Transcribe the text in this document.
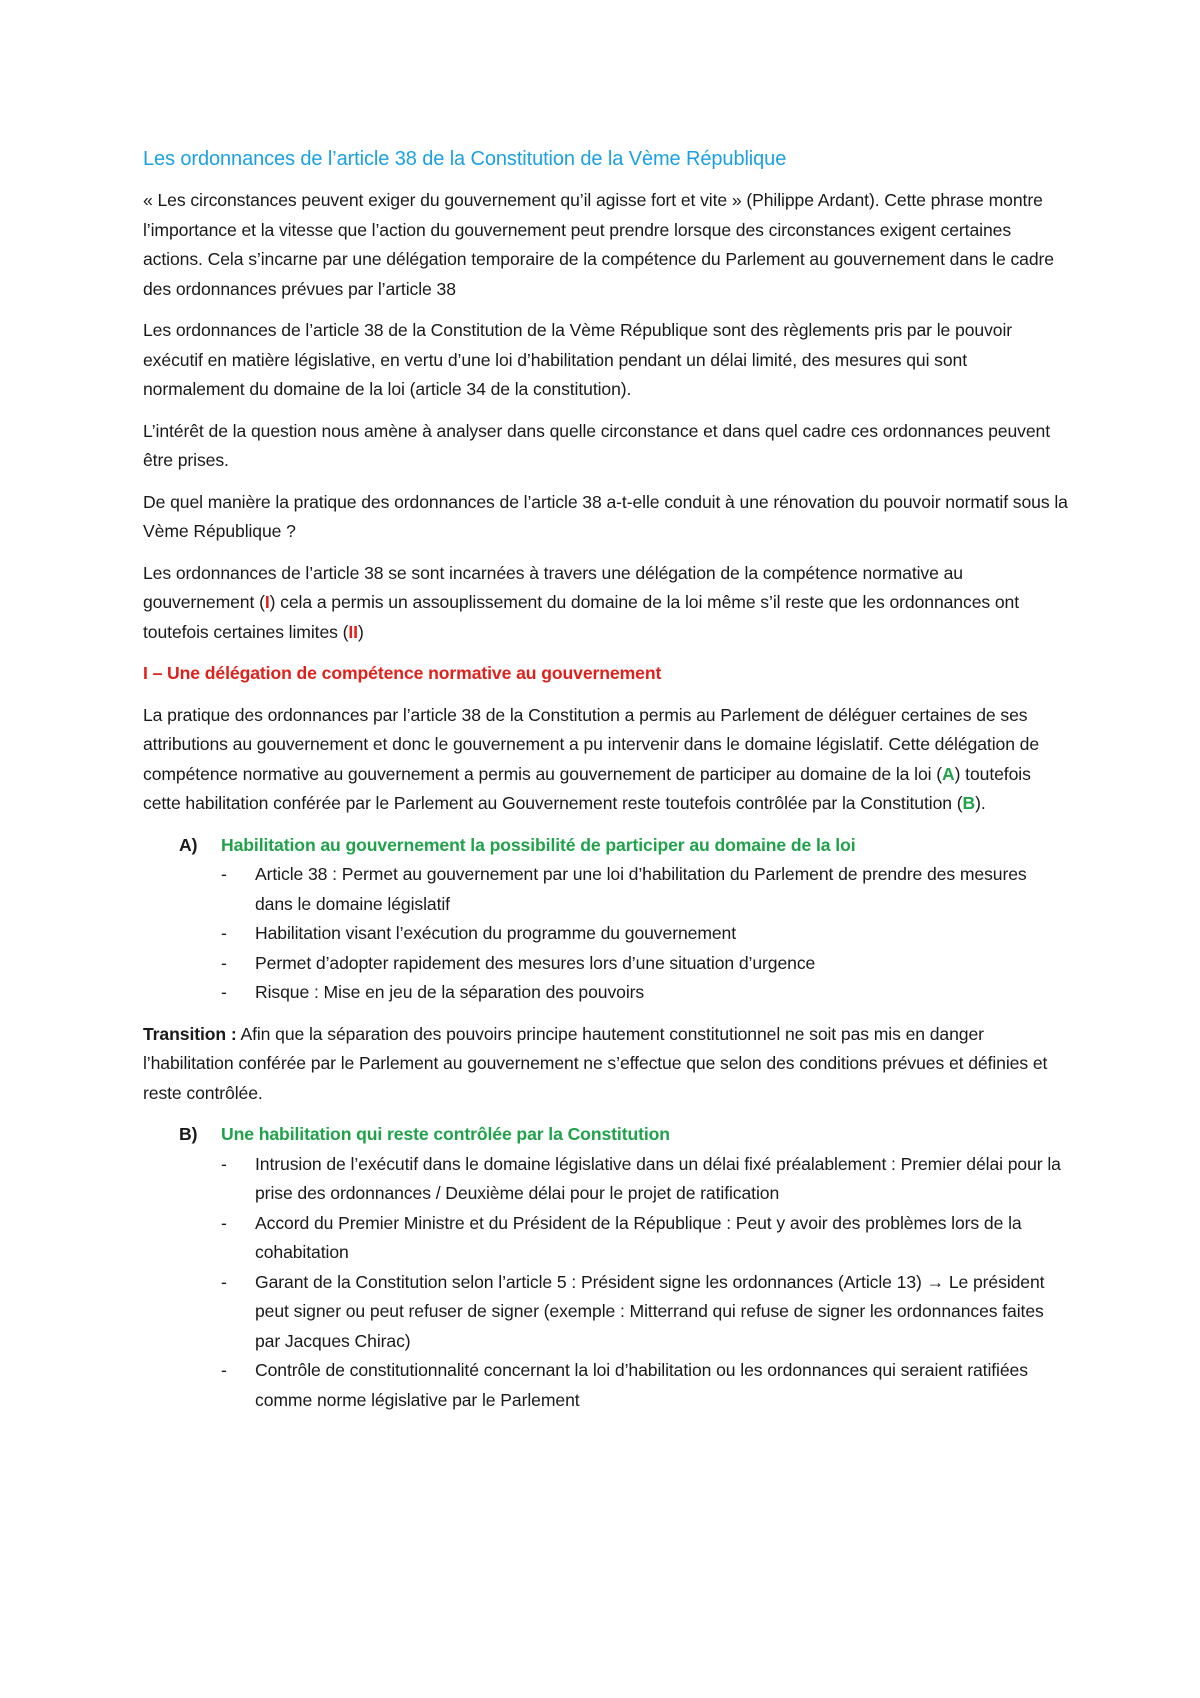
Les ordonnances de l’article 38 de la Constitution de la Vème République

« Les circonstances peuvent exiger du gouvernement qu’il agisse fort et vite » (Philippe Ardant). Cette phrase montre l’importance et la vitesse que l’action du gouvernement peut prendre lorsque des circonstances exigent certaines actions. Cela s’incarne par une délégation temporaire de la compétence du Parlement au gouvernement dans le cadre des ordonnances prévues par l’article 38

Les ordonnances de l’article 38 de la Constitution de la Vème République sont des règlements pris par le pouvoir exécutif en matière législative, en vertu d’une loi d’habilitation pendant un délai limité, des mesures qui sont normalement du domaine de la loi (article 34 de la constitution).

L’intérêt de la question nous amène à analyser dans quelle circonstance et dans quel cadre ces ordonnances peuvent être prises.

De quel manière la pratique des ordonnances de l’article 38 a-t-elle conduit à une rénovation du pouvoir normatif sous la Vème République ?

Les ordonnances de l’article 38 se sont incarnées à travers une délégation de la compétence normative au gouvernement (I) cela a permis un assouplissement du domaine de la loi même s’il reste que les ordonnances ont toutefois certaines limites (II)

I – Une délégation de compétence normative au gouvernement

La pratique des ordonnances par l’article 38 de la Constitution a permis au Parlement de déléguer certaines de ses attributions au gouvernement et donc le gouvernement a pu intervenir dans le domaine législatif. Cette délégation de compétence normative au gouvernement a permis au gouvernement de participer au domaine de la loi (A) toutefois cette habilitation conférée par le Parlement au Gouvernement reste toutefois contrôlée par la Constitution (B).

A)	Habilitation au gouvernement la possibilité de participer au domaine de la loi
- Article 38 : Permet au gouvernement par une loi d’habilitation du Parlement de prendre des mesures dans le domaine législatif
- Habilitation visant l’exécution du programme du gouvernement
- Permet d’adopter rapidement des mesures lors d’une situation d’urgence
- Risque : Mise en jeu de la séparation des pouvoirs

Transition : Afin que la séparation des pouvoirs principe hautement constitutionnel ne soit pas mis en danger l’habilitation conférée par le Parlement au gouvernement ne s’effectue que selon des conditions prévues et définies et reste contrôlée.

B)	Une habilitation qui reste contrôlée par la Constitution
- Intrusion de l’exécutif dans le domaine législative dans un délai fixé préalablement : Premier délai pour la prise des ordonnances / Deuxième délai pour le projet de ratification
- Accord du Premier Ministre et du Président de la République : Peut y avoir des problèmes lors de la cohabitation
- Garant de la Constitution selon l’article 5 : Président signe les ordonnances (Article 13) → Le président peut signer ou peut refuser de signer (exemple : Mitterrand qui refuse de signer les ordonnances faites par Jacques Chirac)
- Contrôle de constitutionnalité concernant la loi d’habilitation ou les ordonnances qui seraient ratifiées comme norme législative par le Parlement
